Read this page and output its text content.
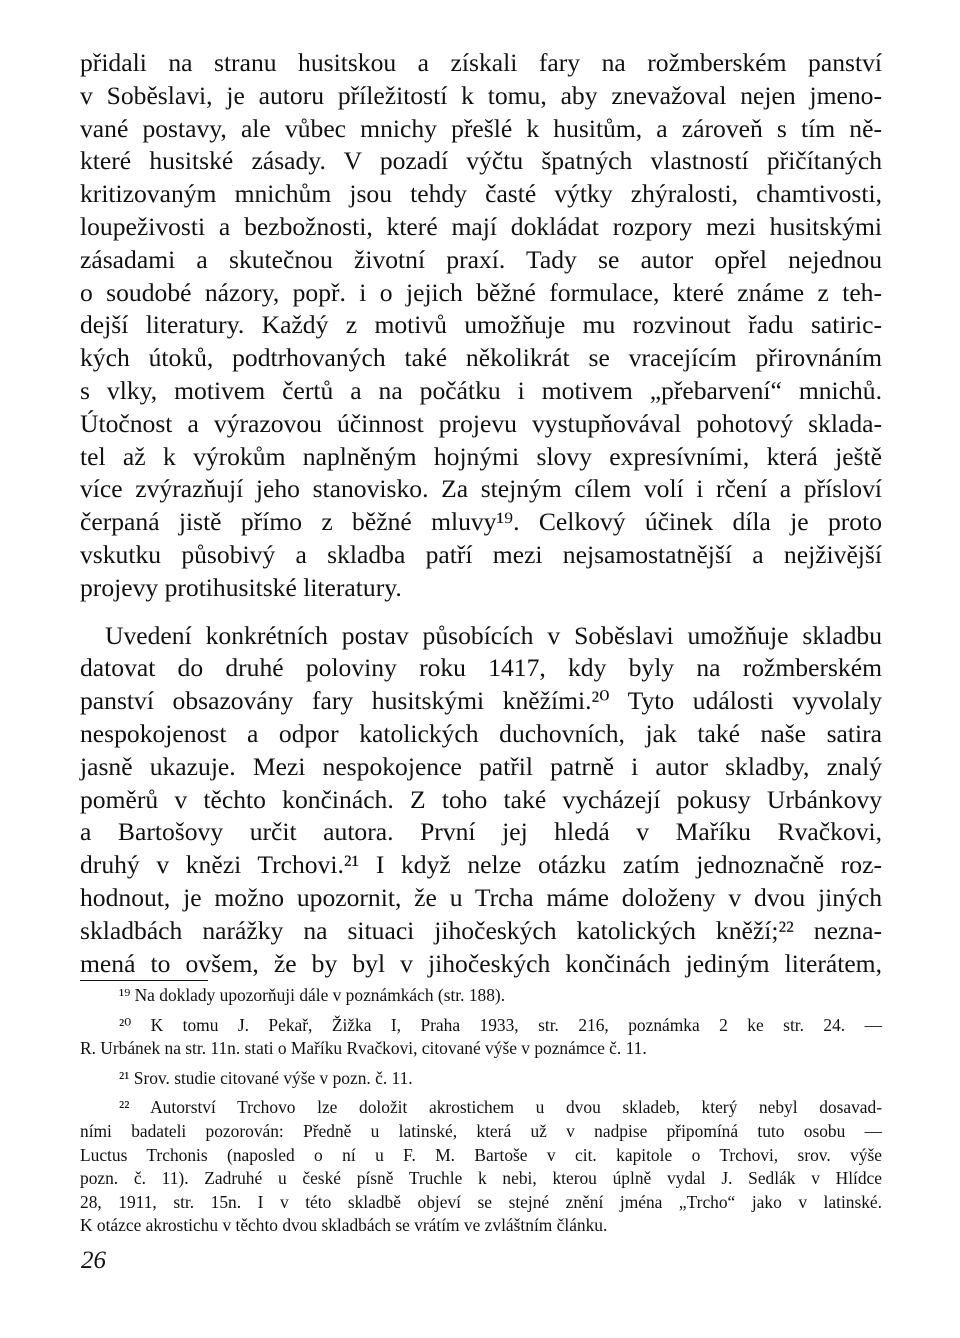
přidali na stranu husitskou a získali fary na rožmberském panství
v Soběslavi, je autoru příležitostí k tomu, aby znevažoval nejen jmeno-
vané postavy, ale vůbec mnichy přešlé k husitům, a zároveň s tím ně-
které husitské zásady. V pozadí výčtu špatných vlastností přičítaných
kritizovaným mnichům jsou tehdy časté výtky zhýralosti, chamtivosti,
loupeživosti a bezbožnosti, které mají dokládat rozpory mezi husitskými
zásadami a skutečnou životní praxí. Tady se autor opřel nejednou
o soudobé názory, popř. i o jejich běžné formulace, které známe z teh-
dejší literatury. Každý z motivů umožňuje mu rozvinout řadu satiric-
kých útoků, podtrhovaných také několikrát se vracejícím přirovnáním
s vlky, motivem čertů a na počátku i motivem „přebarvení“ mnichů.
Útočnost a výrazovou účinnost projevu vystupňovával pohotový sklada-
tel až k výrokům naplněným hojnými slovy expresívními, která ještě
více zvýrazňují jeho stanovisko. Za stejným cílem volí i rčení a přísloví
čerpaná jistě přímo z běžné mluvy¹⁹. Celkový účinek díla je proto
vskutku působivý a skladba patří mezi nejsamostatnější a nejživější
projevy protihusitské literatury.
Uvedení konkrétních postav působících v Soběslavi umožňuje skladbu
datovat do druhé poloviny roku 1417, kdy byly na rožmberském
panství obsazovány fary husitskými kněžími.²⁰ Tyto události vyvolaly
nespokojenost a odpor katolických duchovních, jak také naše satira
jasně ukazuje. Mezi nespokojence patřil patrně i autor skladby, znalý
poměrů v těchto končinách. Z toho také vycházejí pokusy Urbánkovy
a Bartošovy určit autora. První jej hledá v Maříku Rvačkovi,
druhý v knězi Trchovi.²¹ I když nelze otázku zatím jednoznačně roz-
hodnout, je možno upozornit, že u Trcha máme doloženy v dvou jiných
skladbách narážky na situaci jihočeských katolických kněží;²² nezna-
mená to ovšem, že by byl v jihočeských končinách jediným literátem,
¹⁹ Na doklady upozorňuji dále v poznámkách (str. 188).
²⁰ K tomu J. Pekař, Žižka I, Praha 1933, str. 216, poznámka 2 ke str. 24. —
R. Urbánek na str. 11n. stati o Maříku Rvačkovi, citované výše v poznámce č. 11.
²¹ Srov. studie citované výše v pozn. č. 11.
²² Autorství Trchovo lze doložit akrostichem u dvou skladeb, který nebyl dosavad-
ními badateli pozorován: Předně u latinské, která už v nadpise připomíná tuto osobu —
Luctus Trchonis (naposled o ní u F. M. Bartoše v cit. kapitole o Trchovi, srov. výše
pozn. č. 11). Zadruhé u české písně Truchle k nebi, kterou úplně vydal J. Sedlák v Hlídce
28, 1911, str. 15n. I v této skladbě objeví se stejné znění jména „Trcho“ jako v latinské.
K otázce akrostichu v těchto dvou skladbách se vrátím ve zvláštním článku.
26
